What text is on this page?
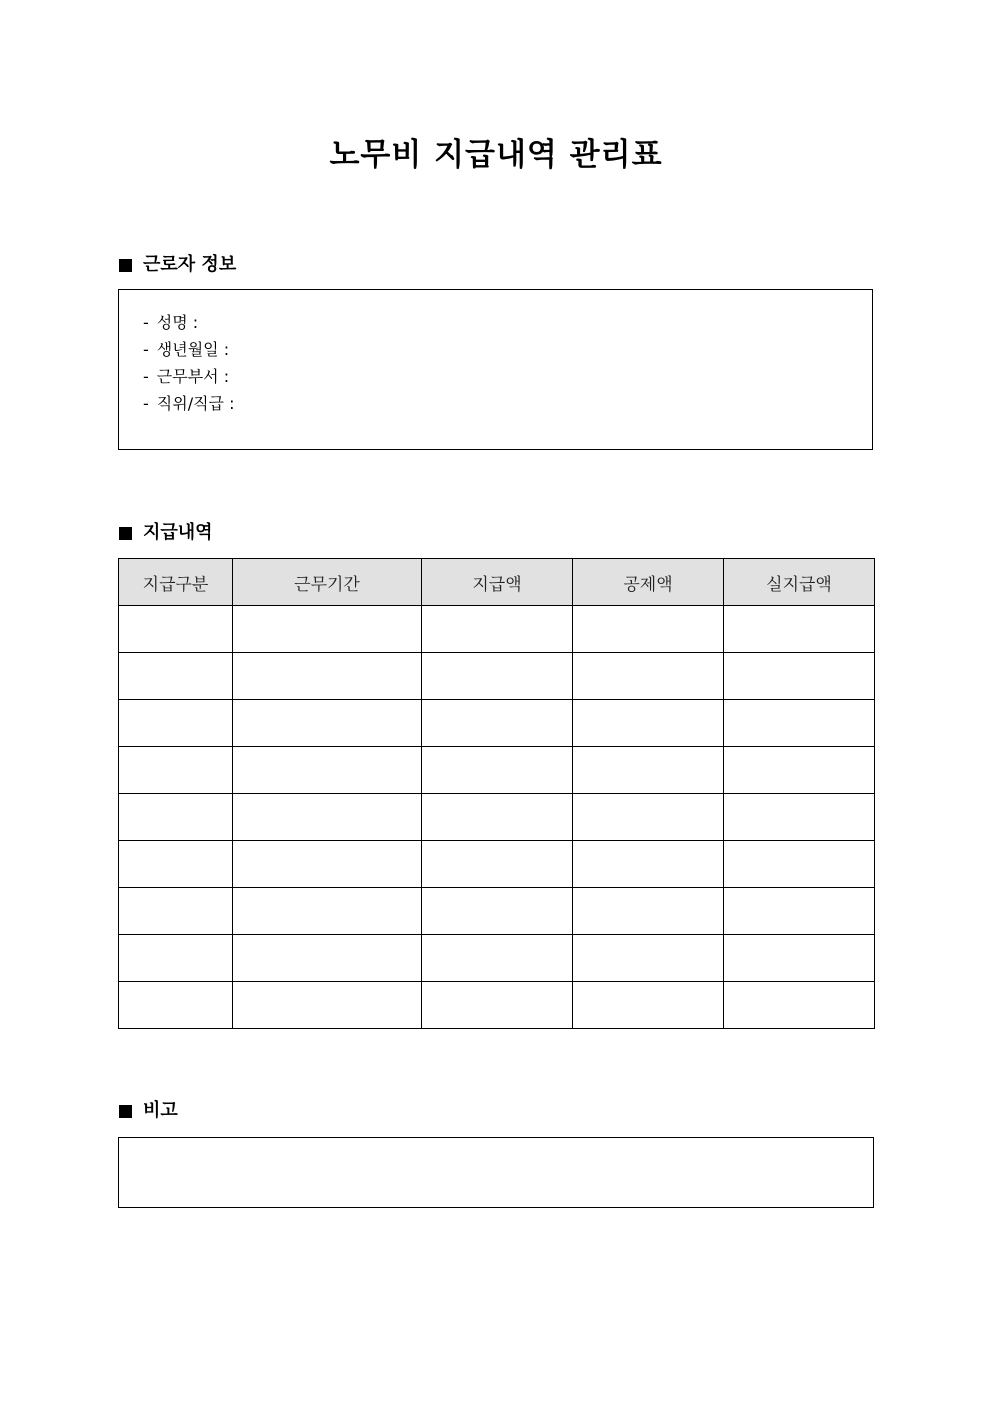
노무비 지급내역 관리표
근로자 정보
- 성명 :
- 생년월일 :
- 근무부서 :
- 직위/직급 :
지급내역
지급구분	근무기간	지급액	공제액	실지급액

비고
